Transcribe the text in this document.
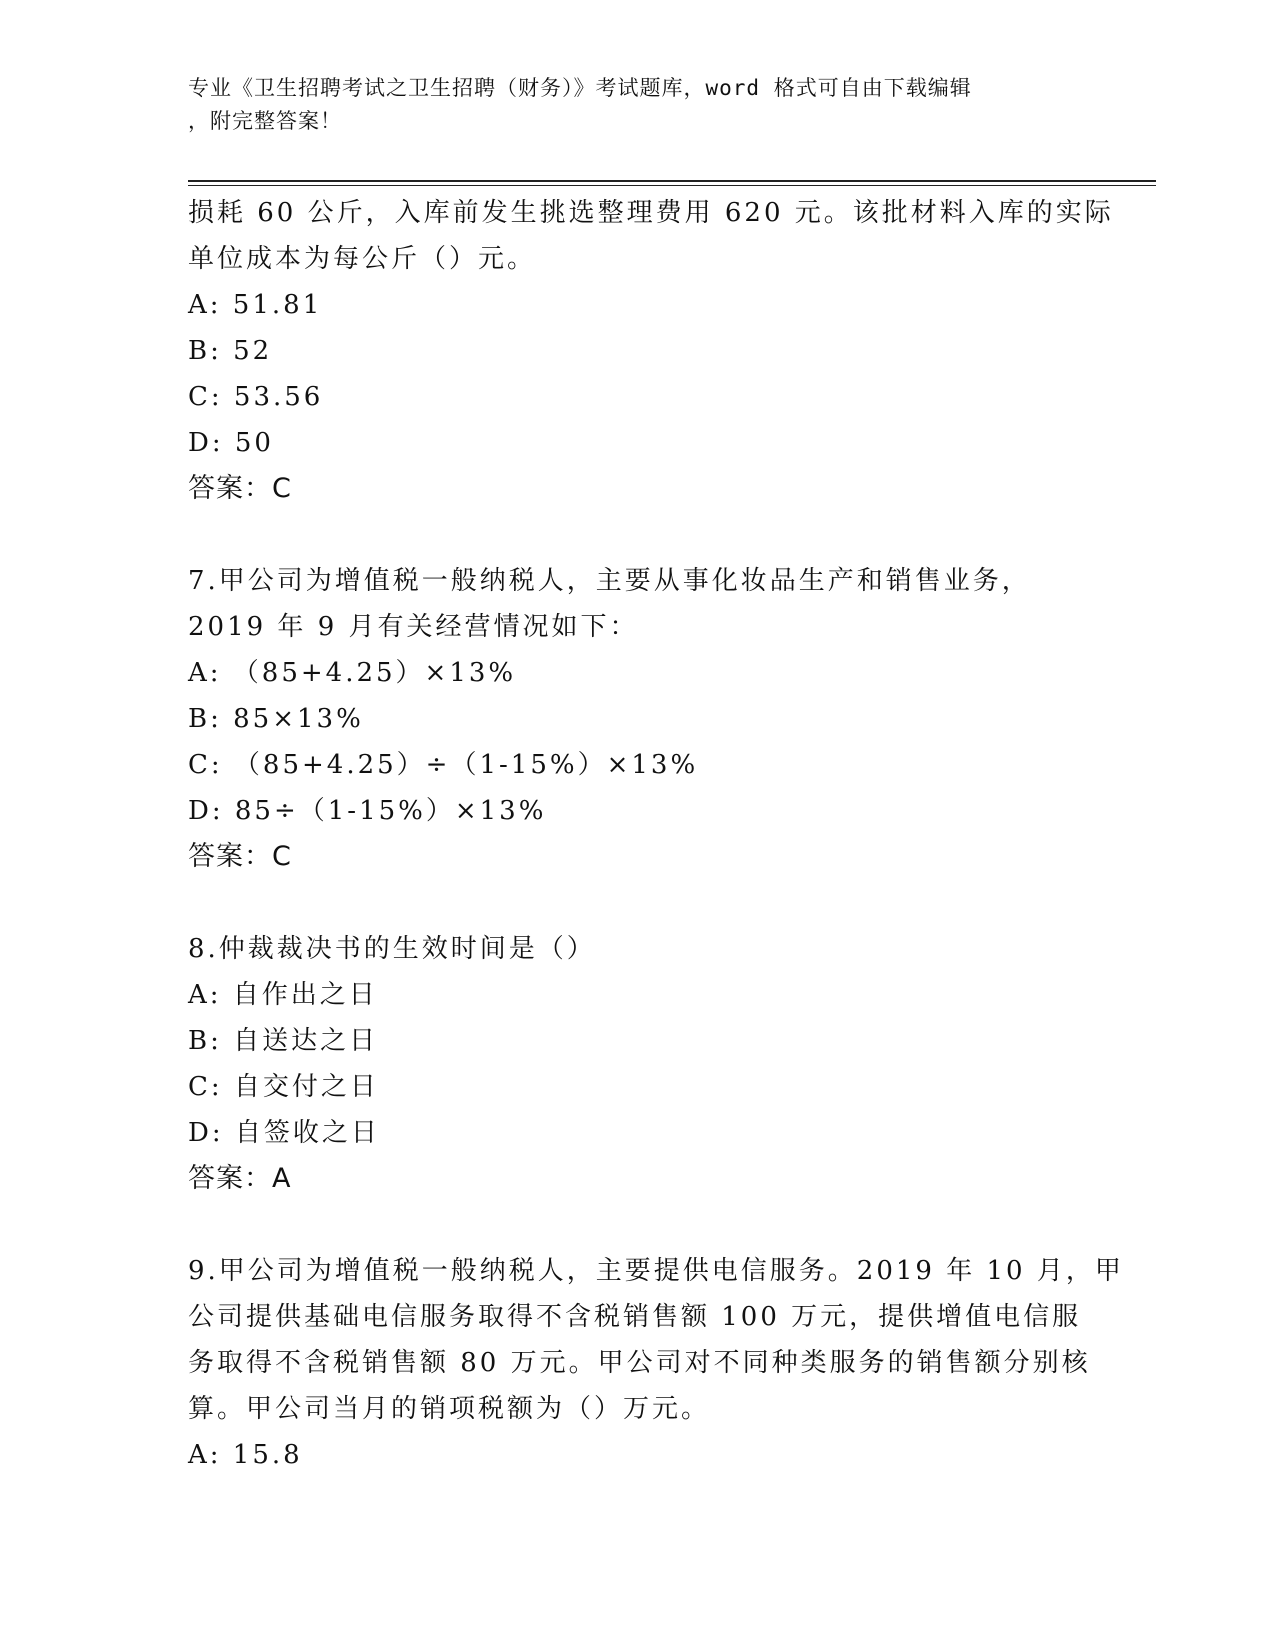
专业《卫生招聘考试之卫生招聘（财务）》考试题库，word 格式可自由下载编辑
，附完整答案！
损耗 60 公斤，入库前发生挑选整理费用 620 元。该批材料入库的实际
单位成本为每公斤（）元。
A: 51.81
B: 52
C: 53.56
D: 50
答案：C
7.甲公司为增值税一般纳税人，主要从事化妆品生产和销售业务，
2019 年 9 月有关经营情况如下：
A: （85+4.25）×13%
B: 85×13%
C: （85+4.25）÷（1-15%）×13%
D: 85÷（1-15%）×13%
答案：C
8.仲裁裁决书的生效时间是（）
A: 自作出之日
B: 自送达之日
C: 自交付之日
D: 自签收之日
答案：A
9.甲公司为增值税一般纳税人，主要提供电信服务。2019 年 10 月，甲
公司提供基础电信服务取得不含税销售额 100 万元，提供增值电信服
务取得不含税销售额 80 万元。甲公司对不同种类服务的销售额分别核
算。甲公司当月的销项税额为（）万元。
A: 15.8
